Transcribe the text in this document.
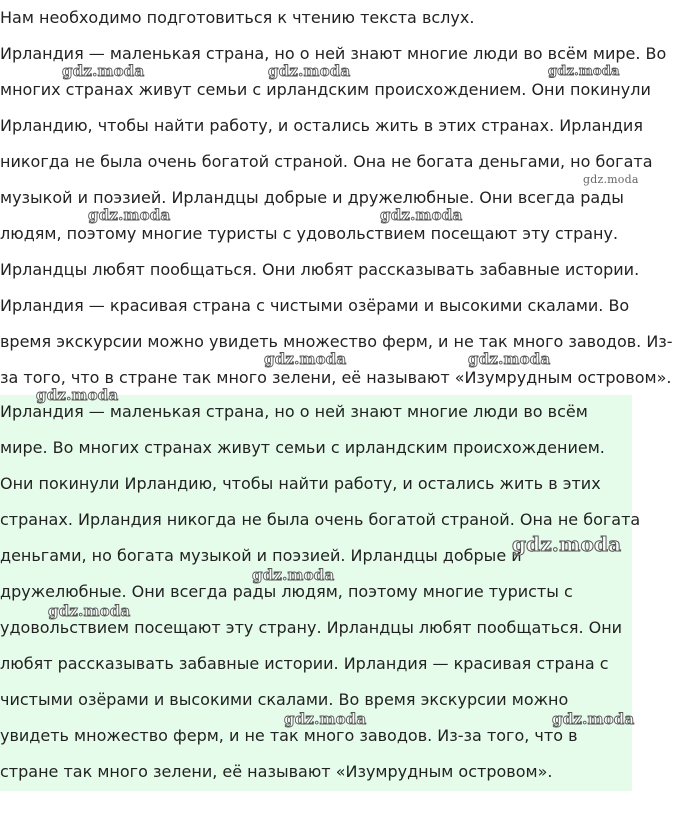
Нам необходимо подготовиться к чтению текста вслух.

Ирландия — маленькая страна, но о ней знают многие люди во всём мире. Во

многих странах живут семьи с ирландским происхождением. Они покинули

Ирландию, чтобы найти работу, и остались жить в этих странах. Ирландия

никогда не была очень богатой страной. Она не богата деньгами, но богата

музыкой и поэзией. Ирландцы добрые и дружелюбные. Они всегда рады

людям, поэтому многие туристы с удовольствием посещают эту страну.

Ирландцы любят пообщаться. Они любят рассказывать забавные истории.

Ирландия — красивая страна с чистыми озёрами и высокими скалами. Во

время экскурсии можно увидеть множество ферм, и не так много заводов. Из-

за того, что в стране так много зелени, её называют «Изумрудным островом».

Ирландия — маленькая страна, но о ней знают многие люди во всём

мире. Во многих странах живут семьи с ирландским происхождением.

Они покинули Ирландию, чтобы найти работу, и остались жить в этих

странах. Ирландия никогда не была очень богатой страной. Она не богата

деньгами, но богата музыкой и поэзией. Ирландцы добрые и

дружелюбные. Они всегда рады людям, поэтому многие туристы с

удовольствием посещают эту страну. Ирландцы любят пообщаться. Они

любят рассказывать забавные истории. Ирландия — красивая страна с

чистыми озёрами и высокими скалами. Во время экскурсии можно

увидеть множество ферм, и не так много заводов. Из-за того, что в

стране так много зелени, её называют «Изумрудным островом».

gdz.moda	gdz.moda	gdz.moda
gdz.moda
gdz.moda	gdz.moda
gdz.moda	gdz.moda
gdz.moda
gdz.moda
gdz.moda
gdz.moda
gdz.moda	gdz.moda
